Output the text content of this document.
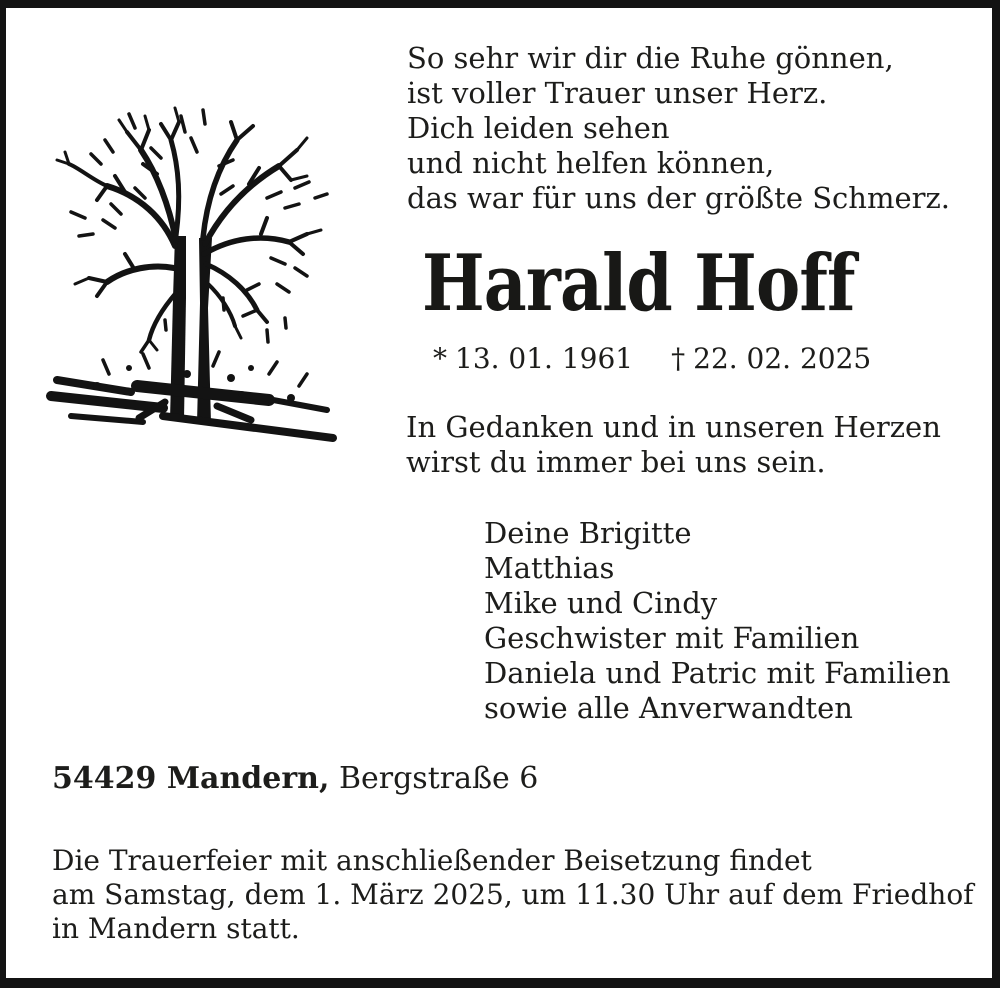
So sehr wir dir die Ruhe gönnen,
ist voller Trauer unser Herz.
Dich leiden sehen
und nicht helfen können,
das war für uns der größte Schmerz.
Harald Hoff
* 13. 01. 1961 † 22. 02. 2025
In Gedanken und in unseren Herzen
wirst du immer bei uns sein.
Deine Brigitte
Matthias
Mike und Cindy
Geschwister mit Familien
Daniela und Patric mit Familien
sowie alle Anverwandten
54429 Mandern, Bergstraße 6
Die Trauerfeier mit anschließender Beisetzung findet
am Samstag, dem 1. März 2025, um 11.30 Uhr auf dem Friedhof
in Mandern statt.
